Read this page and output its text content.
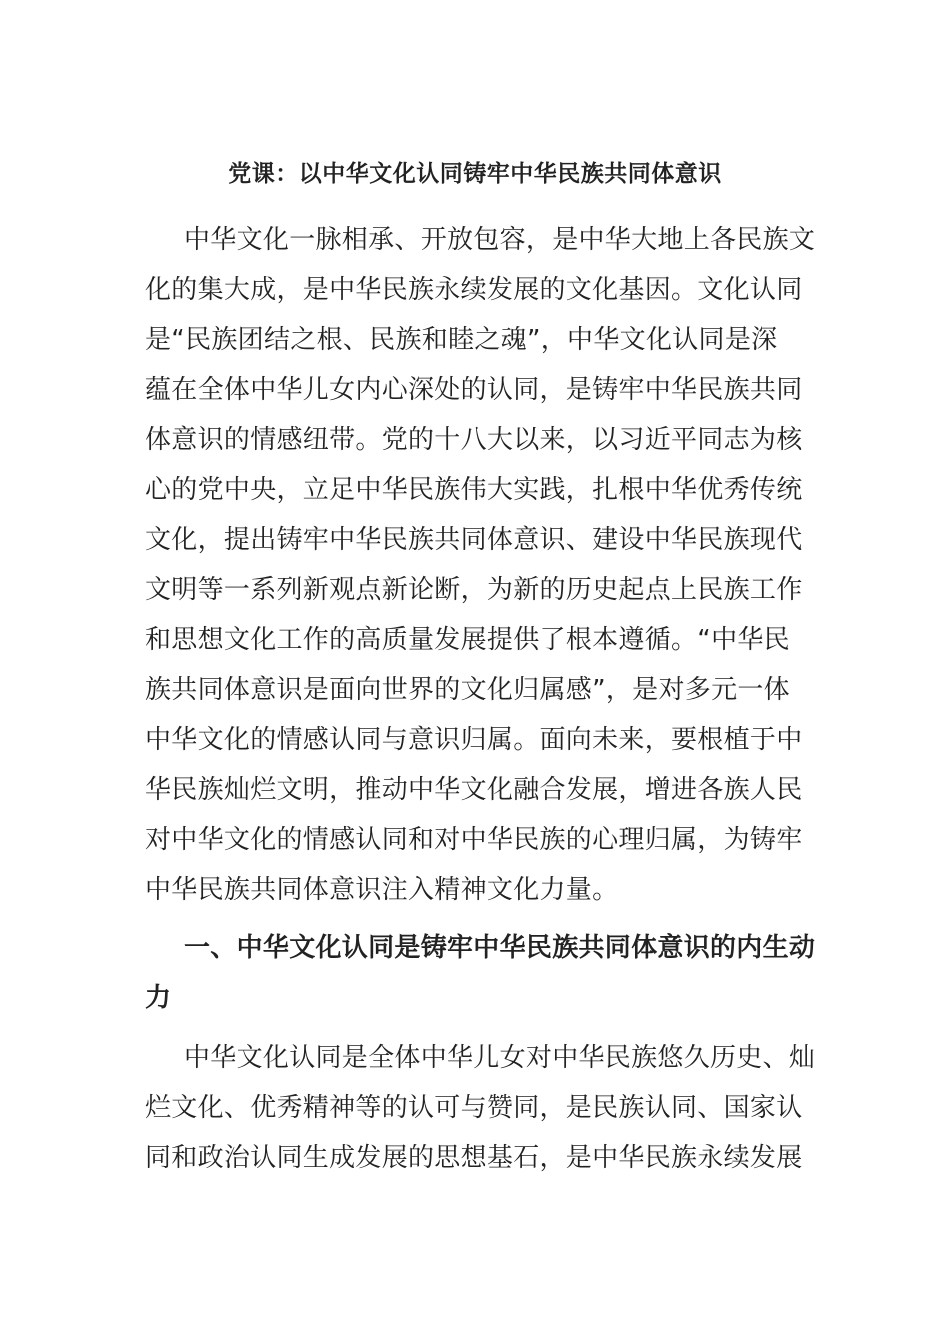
党课：以中华文化认同铸牢中华民族共同体意识
中华文化一脉相承、开放包容，是中华大地上各民族文
化的集大成，是中华民族永续发展的文化基因。文化认同
是“民族团结之根、民族和睦之魂”，中华文化认同是深
蕴在全体中华儿女内心深处的认同，是铸牢中华民族共同
体意识的情感纽带。党的十八大以来，以习近平同志为核
心的党中央，立足中华民族伟大实践，扎根中华优秀传统
文化，提出铸牢中华民族共同体意识、建设中华民族现代
文明等一系列新观点新论断，为新的历史起点上民族工作
和思想文化工作的高质量发展提供了根本遵循。“中华民
族共同体意识是面向世界的文化归属感”，是对多元一体
中华文化的情感认同与意识归属。面向未来，要根植于中
华民族灿烂文明，推动中华文化融合发展，增进各族人民
对中华文化的情感认同和对中华民族的心理归属，为铸牢
中华民族共同体意识注入精神文化力量。
一、中华文化认同是铸牢中华民族共同体意识的内生动
力
中华文化认同是全体中华儿女对中华民族悠久历史、灿
烂文化、优秀精神等的认可与赞同，是民族认同、国家认
同和政治认同生成发展的思想基石，是中华民族永续发展
